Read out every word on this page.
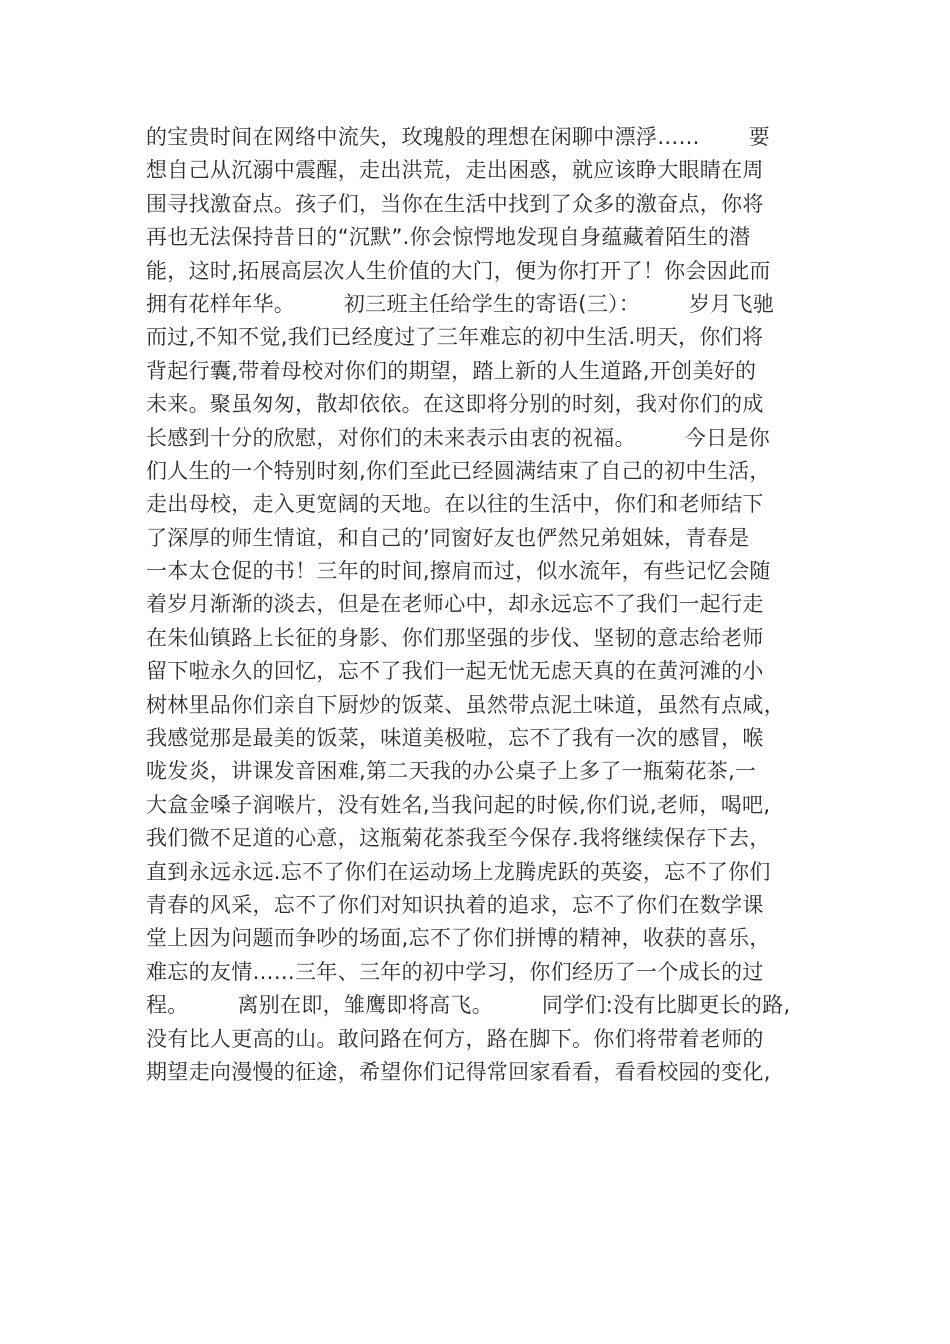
的宝贵时间在网络中流失，玫瑰般的理想在闲聊中漂浮……       要
想自己从沉溺中震醒，走出洪荒，走出困惑，就应该睁大眼睛在周
围寻找激奋点。孩子们，当你在生活中找到了众多的激奋点，你将
再也无法保持昔日的“沉默”.你会惊愕地发现自身蕴藏着陌生的潜
能，这时,拓展高层次人生价值的大门，便为你打开了！你会因此而
拥有花样年华。       初三班主任给学生的寄语(三）：       岁月飞驰
而过,不知不觉,我们已经度过了三年难忘的初中生活.明天，你们将
背起行囊,带着母校对你们的期望，踏上新的人生道路,开创美好的
未来。聚虽匆匆，散却依依。在这即将分别的时刻，我对你们的成
长感到十分的欣慰，对你们的未来表示由衷的祝福。       今日是你
们人生的一个特别时刻,你们至此已经圆满结束了自己的初中生活，
走出母校，走入更宽阔的天地。在以往的生活中，你们和老师结下
了深厚的师生情谊，和自己的’同窗好友也俨然兄弟姐妹，青春是
一本太仓促的书！三年的时间,擦肩而过，似水流年，有些记忆会随
着岁月渐渐的淡去，但是在老师心中，却永远忘不了我们一起行走
在朱仙镇路上长征的身影、你们那坚强的步伐、坚韧的意志给老师
留下啦永久的回忆，忘不了我们一起无忧无虑天真的在黄河滩的小
树林里品你们亲自下厨炒的饭菜、虽然带点泥土味道，虽然有点咸，
我感觉那是最美的饭菜，味道美极啦，忘不了我有一次的感冒，喉
咙发炎，讲课发音困难,第二天我的办公桌子上多了一瓶菊花茶,一
大盒金嗓子润喉片，没有姓名,当我问起的时候,你们说,老师，喝吧,
我们微不足道的心意，这瓶菊花茶我至今保存.我将继续保存下去，
直到永远永远.忘不了你们在运动场上龙腾虎跃的英姿，忘不了你们
青春的风采，忘不了你们对知识执着的追求，忘不了你们在数学课
堂上因为问题而争吵的场面,忘不了你们拼博的精神，收获的喜乐，
难忘的友情……三年、三年的初中学习，你们经历了一个成长的过
程。       离别在即，雏鹰即将高飞。       同学们:没有比脚更长的路,
没有比人更高的山。敢问路在何方，路在脚下。你们将带着老师的
期望走向漫慢的征途，希望你们记得常回家看看，看看校园的变化,
